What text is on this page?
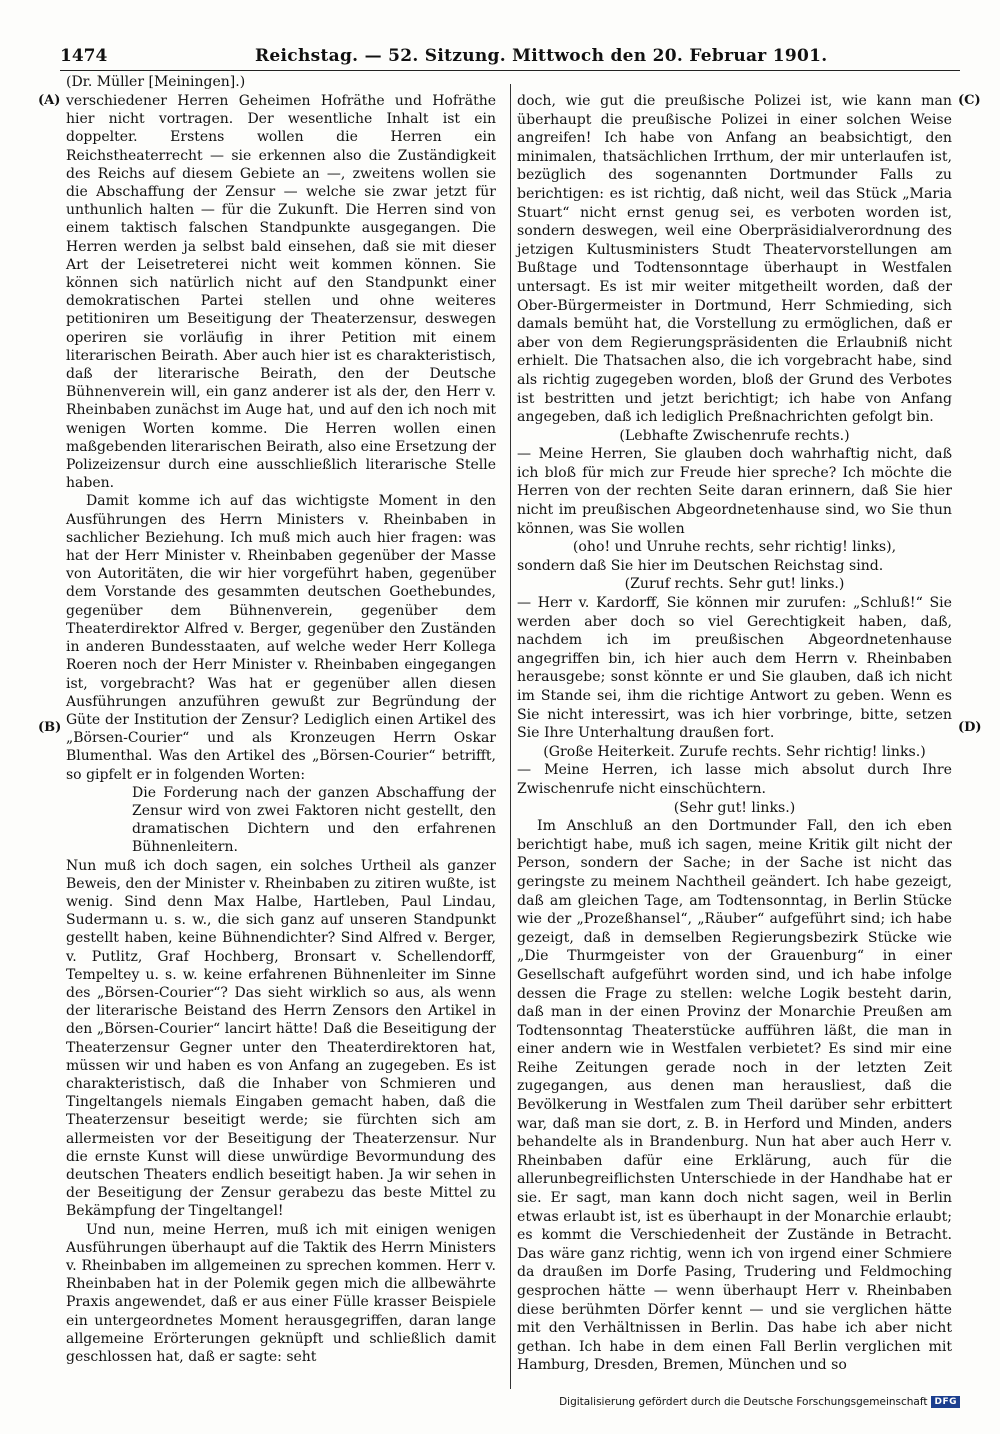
1474	Reichstag. — 52. Sitzung. Mittwoch den 20. Februar 1901.
(Dr. Müller [Meiningen].)
(A)
(B)
(C)
(D)

verschiedener Herren Geheimen Hofräthe und Hofräthe hier nicht vortragen. Der wesentliche Inhalt ist ein doppelter. Erstens wollen die Herren ein Reichstheaterrecht — sie erkennen also die Zuständigkeit des Reichs auf diesem Gebiete an —, zweitens wollen sie die Abschaffung der Zensur — welche sie zwar jetzt für unthunlich halten — für die Zukunft. Die Herren sind von einem taktisch falschen Standpunkte ausgegangen. Die Herren werden ja selbst bald einsehen, daß sie mit dieser Art der Leisetreterei nicht weit kommen können. Sie können sich natürlich nicht auf den Standpunkt einer demokratischen Partei stellen und ohne weiteres petitioniren um Beseitigung der Theaterzensur, deswegen operiren sie vorläufig in ihrer Petition mit einem literarischen Beirath. Aber auch hier ist es charakteristisch, daß der literarische Beirath, den der Deutsche Bühnenverein will, ein ganz anderer ist als der, den Herr v. Rheinbaben zunächst im Auge hat, und auf den ich noch mit wenigen Worten komme. Die Herren wollen einen maßgebenden literarischen Beirath, also eine Ersetzung der Polizeizensur durch eine ausschließlich literarische Stelle haben.

Damit komme ich auf das wichtigste Moment in den Ausführungen des Herrn Ministers v. Rheinbaben in sachlicher Beziehung. Ich muß mich auch hier fragen: was hat der Herr Minister v. Rheinbaben gegenüber der Masse von Autoritäten, die wir hier vorgeführt haben, gegenüber dem Vorstande des gesammten deutschen Goethebundes, gegenüber dem Bühnenverein, gegenüber dem Theaterdirektor Alfred v. Berger, gegenüber den Zuständen in anderen Bundesstaaten, auf welche weder Herr Kollega Roeren noch der Herr Minister v. Rheinbaben eingegangen ist, vorgebracht? Was hat er gegenüber allen diesen Ausführungen anzuführen gewußt zur Begründung der Güte der Institution der Zensur? Lediglich einen Artikel des „Börsen-Courier“ und als Kronzeugen Herrn Oskar Blumenthal. Was den Artikel des „Börsen-Courier“ betrifft, so gipfelt er in folgenden Worten:

Die Forderung nach der ganzen Abschaffung der Zensur wird von zwei Faktoren nicht gestellt, den dramatischen Dichtern und den erfahrenen Bühnenleitern.

Nun muß ich doch sagen, ein solches Urtheil als ganzer Beweis, den der Minister v. Rheinbaben zu zitiren wußte, ist wenig. Sind denn Max Halbe, Hartleben, Paul Lindau, Sudermann u. s. w., die sich ganz auf unseren Standpunkt gestellt haben, keine Bühnendichter? Sind Alfred v. Berger, v. Putlitz, Graf Hochberg, Bronsart v. Schellendorff, Tempeltey u. s. w. keine erfahrenen Bühnenleiter im Sinne des „Börsen-Courier“? Das sieht wirklich so aus, als wenn der literarische Beistand des Herrn Zensors den Artikel in den „Börsen-Courier“ lancirt hätte! Daß die Beseitigung der Theaterzensur Gegner unter den Theaterdirektoren hat, müssen wir und haben es von Anfang an zugegeben. Es ist charakteristisch, daß die Inhaber von Schmieren und Tingeltangels niemals Eingaben gemacht haben, daß die Theaterzensur beseitigt werde; sie fürchten sich am allermeisten vor der Beseitigung der Theaterzensur. Nur die ernste Kunst will diese unwürdige Bevormundung des deutschen Theaters endlich beseitigt haben. Ja wir sehen in der Beseitigung der Zensur gerabezu das beste Mittel zu Bekämpfung der Tingeltangel!

Und nun, meine Herren, muß ich mit einigen wenigen Ausführungen überhaupt auf die Taktik des Herrn Ministers v. Rheinbaben im allgemeinen zu sprechen kommen. Herr v. Rheinbaben hat in der Polemik gegen mich die allbewährte Praxis angewendet, daß er aus einer Fülle krasser Beispiele ein untergeordnetes Moment herausgegriffen, daran lange allgemeine Erörterungen geknüpft und schließlich damit geschlossen hat, daß er sagte: seht

doch, wie gut die preußische Polizei ist, wie kann man überhaupt die preußische Polizei in einer solchen Weise angreifen! Ich habe von Anfang an beabsichtigt, den minimalen, thatsächlichen Irrthum, der mir unterlaufen ist, bezüglich des sogenannten Dortmunder Falls zu berichtigen: es ist richtig, daß nicht, weil das Stück „Maria Stuart“ nicht ernst genug sei, es verboten worden ist, sondern deswegen, weil eine Oberpräsidialverordnung des jetzigen Kultusministers Studt Theatervorstellungen am Bußtage und Todtensonntage überhaupt in Westfalen untersagt. Es ist mir weiter mitgetheilt worden, daß der Ober-Bürgermeister in Dortmund, Herr Schmieding, sich damals bemüht hat, die Vorstellung zu ermöglichen, daß er aber von dem Regierungspräsidenten die Erlaubniß nicht erhielt. Die Thatsachen also, die ich vorgebracht habe, sind als richtig zugegeben worden, bloß der Grund des Verbotes ist bestritten und jetzt berichtigt; ich habe von Anfang angegeben, daß ich lediglich Preßnachrichten gefolgt bin.

(Lebhafte Zwischenrufe rechts.)

— Meine Herren, Sie glauben doch wahrhaftig nicht, daß ich bloß für mich zur Freude hier spreche? Ich möchte die Herren von der rechten Seite daran erinnern, daß Sie hier nicht im preußischen Abgeordnetenhause sind, wo Sie thun können, was Sie wollen

(oho! und Unruhe rechts, sehr richtig! links),

sondern daß Sie hier im Deutschen Reichstag sind.

(Zuruf rechts. Sehr gut! links.)

— Herr v. Kardorff, Sie können mir zurufen: „Schluß!“ Sie werden aber doch so viel Gerechtigkeit haben, daß, nachdem ich im preußischen Abgeordnetenhause angegriffen bin, ich hier auch dem Herrn v. Rheinbaben herausgebe; sonst könnte er und Sie glauben, daß ich nicht im Stande sei, ihm die richtige Antwort zu geben. Wenn es Sie nicht interessirt, was ich hier vorbringe, bitte, setzen Sie Ihre Unterhaltung draußen fort.

(Große Heiterkeit. Zurufe rechts. Sehr richtig! links.)

— Meine Herren, ich lasse mich absolut durch Ihre Zwischenrufe nicht einschüchtern.

(Sehr gut! links.)

Im Anschluß an den Dortmunder Fall, den ich eben berichtigt habe, muß ich sagen, meine Kritik gilt nicht der Person, sondern der Sache; in der Sache ist nicht das geringste zu meinem Nachtheil geändert. Ich habe gezeigt, daß am gleichen Tage, am Todtensonntag, in Berlin Stücke wie der „Prozeßhansel“, „Räuber“ aufgeführt sind; ich habe gezeigt, daß in demselben Regierungsbezirk Stücke wie „Die Thurmgeister von der Grauenburg“ in einer Gesellschaft aufgeführt worden sind, und ich habe infolge dessen die Frage zu stellen: welche Logik besteht darin, daß man in der einen Provinz der Monarchie Preußen am Todtensonntag Theaterstücke aufführen läßt, die man in einer andern wie in Westfalen verbietet? Es sind mir eine Reihe Zeitungen gerade noch in der letzten Zeit zugegangen, aus denen man herausliest, daß die Bevölkerung in Westfalen zum Theil darüber sehr erbittert war, daß man sie dort, z. B. in Herford und Minden, anders behandelte als in Brandenburg. Nun hat aber auch Herr v. Rheinbaben dafür eine Erklärung, auch für die allerunbegreiflichsten Unterschiede in der Handhabe hat er sie. Er sagt, man kann doch nicht sagen, weil in Berlin etwas erlaubt ist, ist es überhaupt in der Monarchie erlaubt; es kommt die Verschiedenheit der Zustände in Betracht. Das wäre ganz richtig, wenn ich von irgend einer Schmiere da draußen im Dorfe Pasing, Trudering und Feldmoching gesprochen hätte — wenn überhaupt Herr v. Rheinbaben diese berühmten Dörfer kennt — und sie verglichen hätte mit den Verhältnissen in Berlin. Das habe ich aber nicht gethan. Ich habe in dem einen Fall Berlin verglichen mit Hamburg, Dresden, Bremen, München und so

Digitalisierung gefördert durch die Deutsche Forschungsgemeinschaft DFG
